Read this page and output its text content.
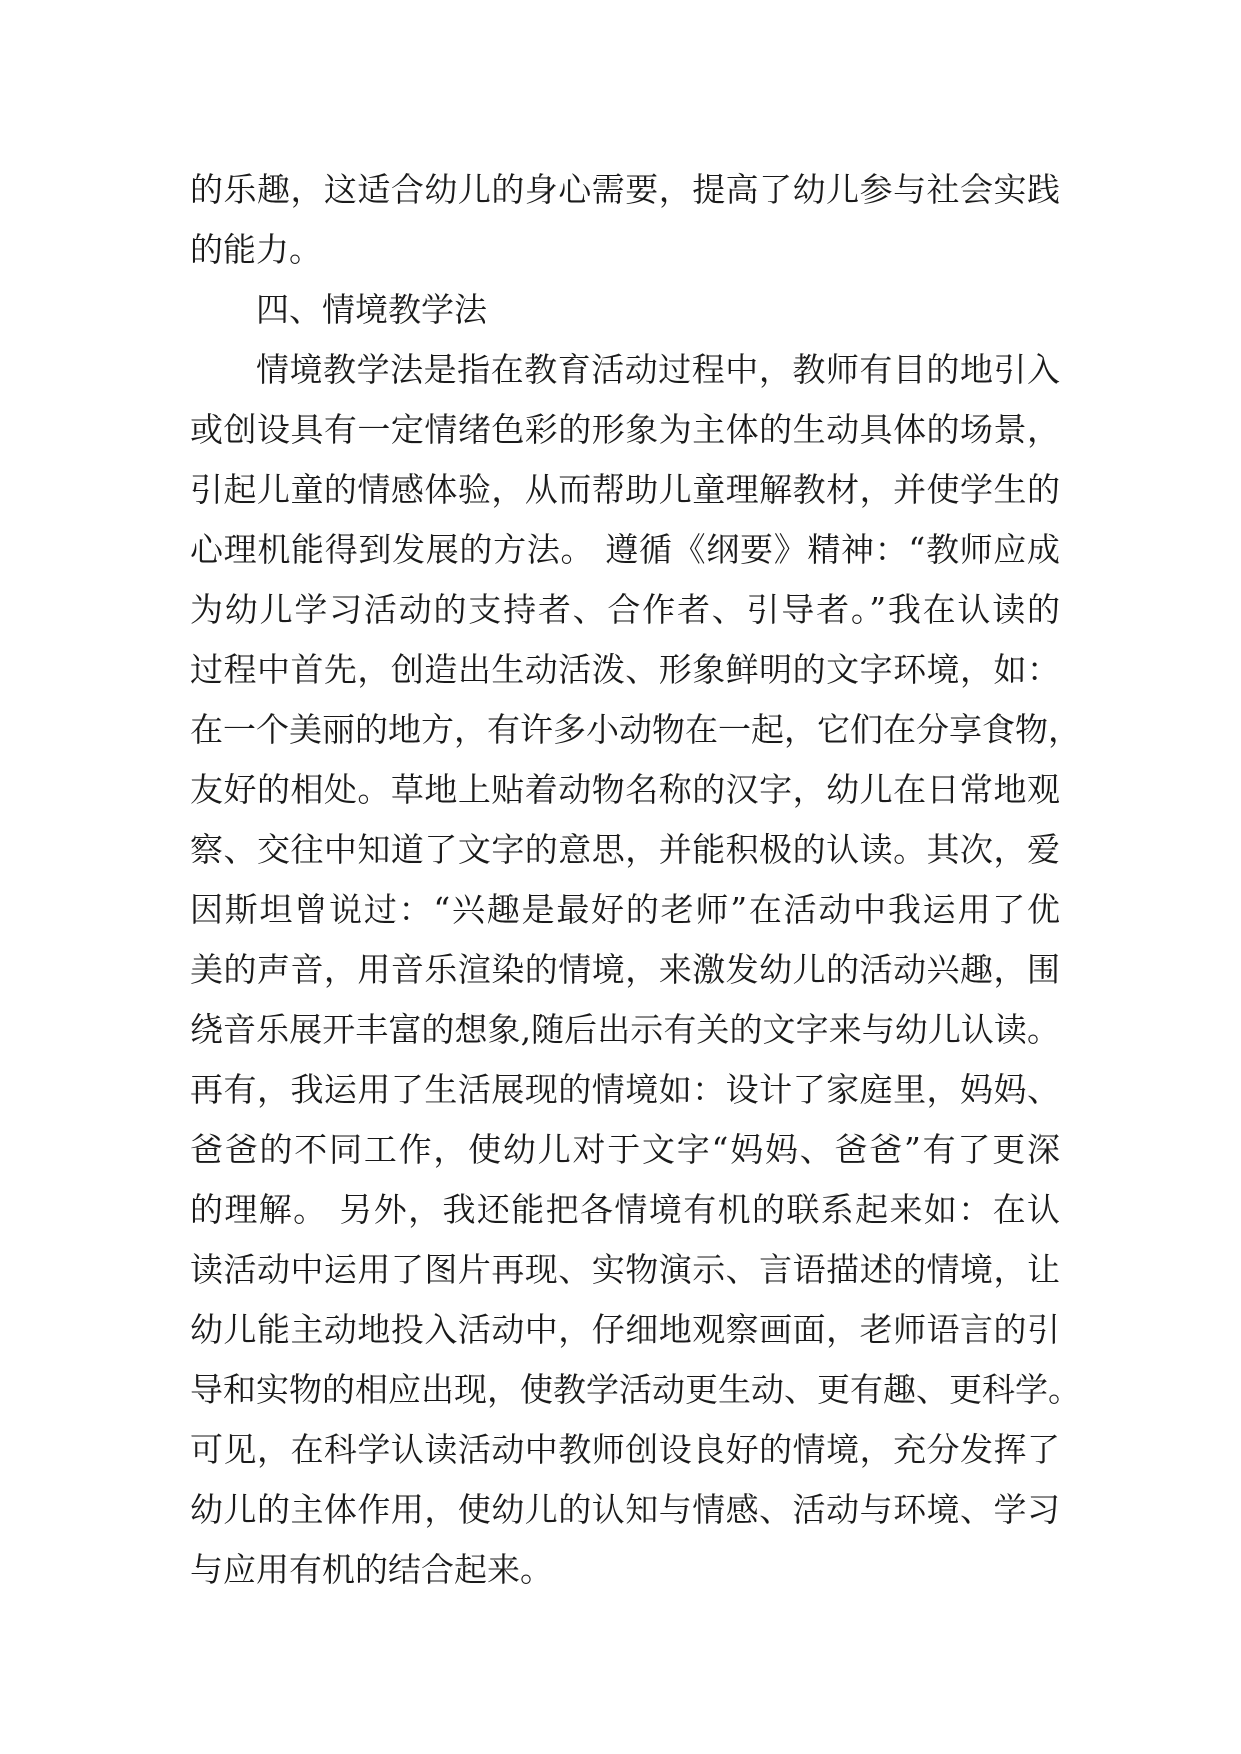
的乐趣，这适合幼儿的身心需要，提高了幼儿参与社会实践
的能力。
四、情境教学法
情境教学法是指在教育活动过程中，教师有目的地引入
或创设具有一定情绪色彩的形象为主体的生动具体的场景，
引起儿童的情感体验，从而帮助儿童理解教材，并使学生的
心理机能得到发展的方法。 遵循《纲要》精神：“教师应成
为幼儿学习活动的支持者、合作者、引导者。”我在认读的
过程中首先，创造出生动活泼、形象鲜明的文字环境，如：
在一个美丽的地方，有许多小动物在一起，它们在分享食物，
友好的相处。草地上贴着动物名称的汉字，幼儿在日常地观
察、交往中知道了文字的意思，并能积极的认读。其次，爱
因斯坦曾说过：“兴趣是最好的老师”在活动中我运用了优
美的声音，用音乐渲染的情境，来激发幼儿的活动兴趣，围
绕音乐展开丰富的想象,随后出示有关的文字来与幼儿认读。
再有，我运用了生活展现的情境如：设计了家庭里，妈妈、
爸爸的不同工作，使幼儿对于文字“妈妈、爸爸”有了更深
的理解。 另外，我还能把各情境有机的联系起来如：在认
读活动中运用了图片再现、实物演示、言语描述的情境，让
幼儿能主动地投入活动中，仔细地观察画面，老师语言的引
导和实物的相应出现，使教学活动更生动、更有趣、更科学。
可见，在科学认读活动中教师创设良好的情境，充分发挥了
幼儿的主体作用，使幼儿的认知与情感、活动与环境、学习
与应用有机的结合起来。
